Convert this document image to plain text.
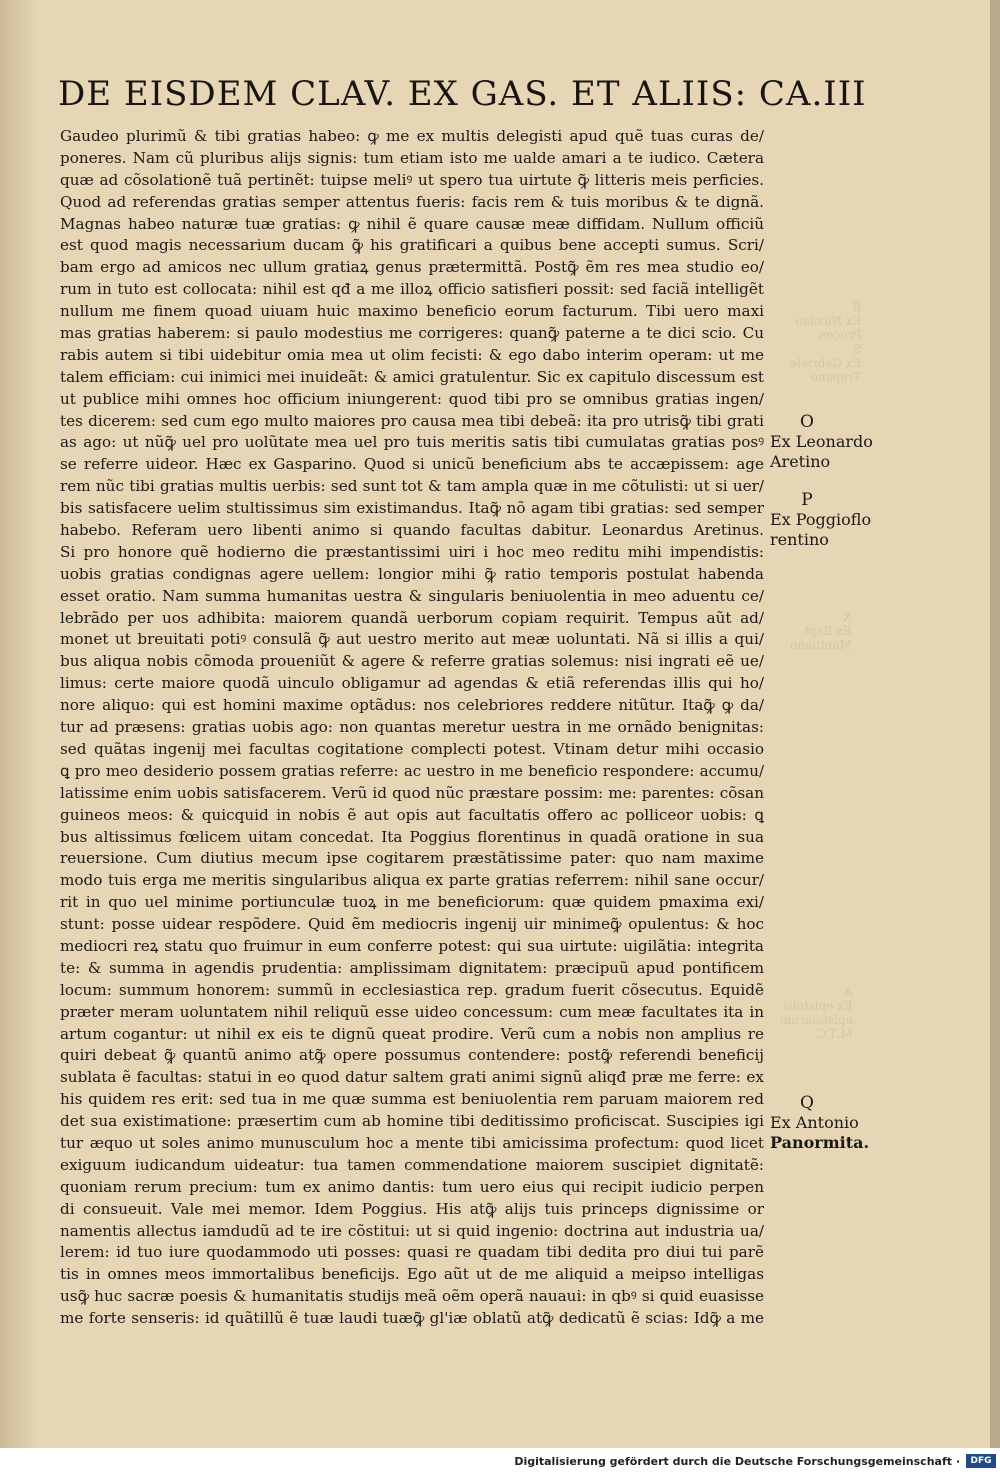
R
Ex Nicolao
Procon
S
Ex Gabriele
Trepano
X
Ex Bapt.
Mantuano
A
Ex epistolis
epistolarum
M.T.C.
DE EISDEM CLAV. EX GAS. ET ALIIS: CA.III
Gaudeo plurimũ & tibi gratias habeo: ꝙ me ex multis delegisti apud quẽ tuas curas de/
poneres. Nam cũ pluribus alijs signis: tum etiam isto me ualde amari a te iudico. Cætera
quæ ad cõsolationẽ tuã pertinẽt: tuipse meliꝰ ut spero tua uirtute ꝙ̃ litteris meis perficies.
Quod ad referendas gratias semper attentus fueris: facis rem & tuis moribus & te dignã.
Magnas habeo naturæ tuæ gratias: ꝙ nihil ẽ quare causæ meæ diffidam. Nullum officiũ
est quod magis necessarium ducam ꝙ̃ his gratificari a quibus bene accepti sumus. Scri/
bam ergo ad amicos nec ullum gratiaꝝ genus prætermittã. Postꝙ̃ ẽm res mea studio eo/
rum in tuto est collocata: nihil est qđ a me illoꝝ officio satisfieri possit: sed faciã intelligẽt
nullum me finem quoad uiuam huic maximo beneficio eorum facturum. Tibi uero maxi
mas gratias haberem: si paulo modestius me corrigeres: quanꝙ̃ paterne a te dici scio. Cu
rabis autem si tibi uidebitur omia mea ut olim fecisti: & ego dabo interim operam: ut me
talem efficiam: cui inimici mei inuideãt: & amici gratulentur. Sic ex capitulo discessum est
ut publice mihi omnes hoc officium iniungerent: quod tibi pro se omnibus gratias ingen/
tes dicerem: sed cum ego multo maiores pro causa mea tibi debeã: ita pro utrisꝙ̃ tibi grati
as ago: ut nũꝙ̃ uel pro uolũtate mea uel pro tuis meritis satis tibi cumulatas gratias posꝰ
se referre uideor. Hæc ex Gasparino. Quod si unicũ beneficium abs te accæpissem: age
rem nũc tibi gratias multis uerbis: sed sunt tot & tam ampla quæ in me cõtulisti: ut si uer/
bis satisfacere uelim stultissimus sim existimandus. Itaꝙ̃ nõ agam tibi gratias: sed semper
habebo. Referam uero libenti animo si quando facultas dabitur. Leonardus Aretinus.
Si pro honore quẽ hodierno die præstantissimi uiri i hoc meo reditu mihi impendistis:
uobis gratias condignas agere uellem: longior mihi ꝙ̃ ratio temporis postulat habenda
esset oratio. Nam summa humanitas uestra & singularis beniuolentia in meo aduentu ce/
lebrãdo per uos adhibita: maiorem quandã uerborum copiam requirit. Tempus aũt ad/
monet ut breuitati potiꝰ consulã ꝙ̃ aut uestro merito aut meæ uoluntati. Nã si illis a qui/
bus aliqua nobis cõmoda proueniũt & agere & referre gratias solemus: nisi ingrati eẽ ue/
limus: certe maiore quodã uinculo obligamur ad agendas & etiã referendas illis qui ho/
nore aliquo: qui est homini maxime optãdus: nos celebriores reddere nitũtur. Itaꝙ̃ ꝙ da/
tur ad præsens: gratias uobis ago: non quantas meretur uestra in me ornãdo benignitas:
sed quãtas ingenij mei facultas cogitatione complecti potest. Vtinam detur mihi occasio
ꝗ pro meo desiderio possem gratias referre: ac uestro in me beneficio respondere: accumu/
latissime enim uobis satisfacerem. Verũ id quod nũc præstare possim: me: parentes: cõsan
guineos meos: & quicquid in nobis ẽ aut opis aut facultatis offero ac polliceor uobis: ꝗ
bus altissimus fœlicem uitam concedat. Ita Poggius florentinus in quadã oratione in sua
reuersione. Cum diutius mecum ipse cogitarem præstãtissime pater: quo nam maxime
modo tuis erga me meritis singularibus aliqua ex parte gratias referrem: nihil sane occur/
rit in quo uel minime portiunculæ tuoꝝ in me beneficiorum: quæ quidem pmaxima exi/
stunt: posse uidear respõdere. Quid ẽm mediocris ingenij uir minimeꝙ̃ opulentus: & hoc
mediocri reꝝ statu quo fruimur in eum conferre potest: qui sua uirtute: uigilãtia: integrita
te: & summa in agendis prudentia: amplissimam dignitatem: præcipuũ apud pontificem
locum: summum honorem: summũ in ecclesiastica rep. gradum fuerit cõsecutus. Equidẽ
præter meram uoluntatem nihil reliquũ esse uideo concessum: cum meæ facultates ita in
artum cogantur: ut nihil ex eis te dignũ queat prodire. Verũ cum a nobis non amplius re
quiri debeat ꝙ̃ quantũ animo atꝙ̃ opere possumus contendere: postꝙ̃ referendi beneficij
sublata ẽ facultas: statui in eo quod datur saltem grati animi signũ aliqđ præ me ferre: ex
his quidem res erit: sed tua in me quæ summa est beniuolentia rem paruam maiorem red
det sua existimatione: præsertim cum ab homine tibi deditissimo proficiscat. Suscipies igi
tur æquo ut soles animo munusculum hoc a mente tibi amicissima profectum: quod licet
exiguum iudicandum uideatur: tua tamen commendatione maiorem suscipiet dignitatẽ:
quoniam rerum precium: tum ex animo dantis: tum uero eius qui recipit iudicio perpen
di consueuit. Vale mei memor. Idem Poggius. His atꝙ̃ alijs tuis princeps dignissime or
namentis allectus iamdudũ ad te ire cõstitui: ut si quid ingenio: doctrina aut industria ua/
lerem: id tuo iure quodammodo uti posses: quasi re quadam tibi dedita pro diui tui parẽ
tis in omnes meos immortalibus beneficijs. Ego aũt ut de me aliquid a meipso intelligas
usꝙ̃ huc sacræ poesis & humanitatis studijs meã oẽm operã nauaui: in qbꝰ si quid euasisse
me forte senseris: id quãtillũ ẽ tuæ laudi tuæꝙ̃ gl'iæ oblatũ atꝙ̃ dedicatũ ẽ scias: Idꝙ̃ a me
O
Ex Leonardo
Aretino
P
Ex Poggioflo
rentino
Q
Ex Antonio
Panormita.
Digitalisierung gefördert durch die Deutsche Forschungsgemeinschaft ·	DFG
